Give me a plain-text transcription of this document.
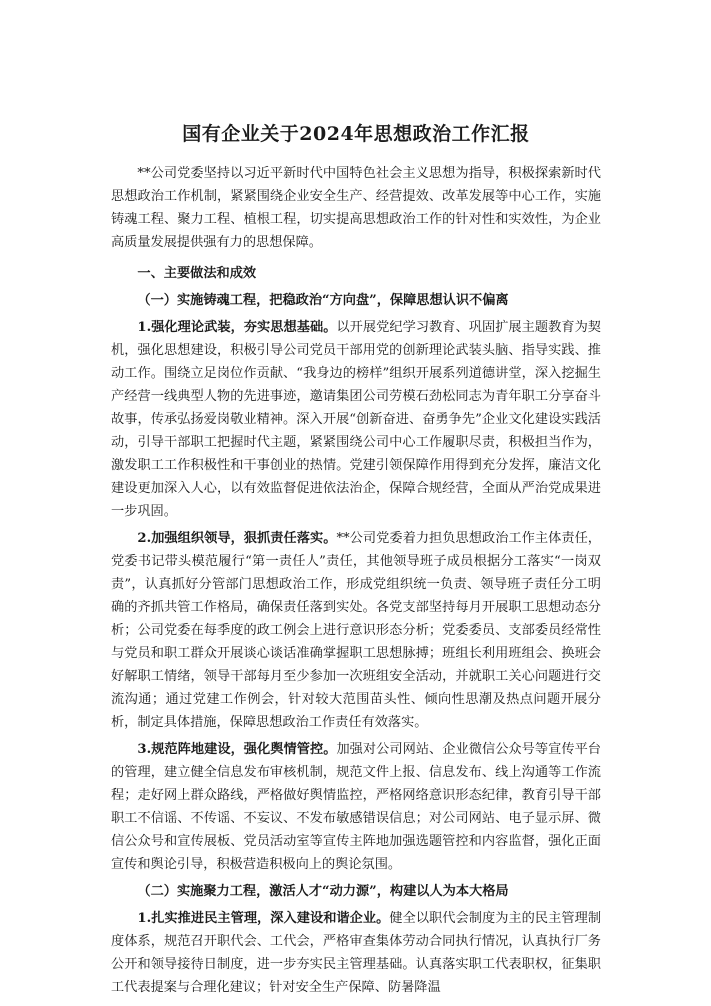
国有企业关于2024年思想政治工作汇报

**公司党委坚持以习近平新时代中国特色社会主义思想为指导，积极探索新时代思想政治工作机制，紧紧围绕企业安全生产、经营提效、改革发展等中心工作，实施铸魂工程、聚力工程、植根工程，切实提高思想政治工作的针对性和实效性，为企业高质量发展提供强有力的思想保障。

一、主要做法和成效

（一）实施铸魂工程，把稳政治“方向盘”，保障思想认识不偏离

1.强化理论武装，夯实思想基础。以开展党纪学习教育、巩固扩展主题教育为契机，强化思想建设，积极引导公司党员干部用党的创新理论武装头脑、指导实践、推动工作。围绕立足岗位作贡献、“我身边的榜样”组织开展系列道德讲堂，深入挖掘生产经营一线典型人物的先进事迹，邀请集团公司劳模石劲松同志为青年职工分享奋斗故事，传承弘扬爱岗敬业精神。深入开展“创新奋进、奋勇争先”企业文化建设实践活动，引导干部职工把握时代主题，紧紧围绕公司中心工作履职尽责，积极担当作为，激发职工工作积极性和干事创业的热情。党建引领保障作用得到充分发挥，廉洁文化建设更加深入人心，以有效监督促进依法治企，保障合规经营，全面从严治党成果进一步巩固。

2.加强组织领导，狠抓责任落实。**公司党委着力担负思想政治工作主体责任，党委书记带头模范履行“第一责任人”责任，其他领导班子成员根据分工落实“一岗双责”，认真抓好分管部门思想政治工作，形成党组织统一负责、领导班子责任分工明确的齐抓共管工作格局，确保责任落到实处。各党支部坚持每月开展职工思想动态分析；公司党委在每季度的政工例会上进行意识形态分析；党委委员、支部委员经常性与党员和职工群众开展谈心谈话准确掌握职工思想脉搏；班组长利用班组会、换班会好解职工情绪，领导干部每月至少参加一次班组安全活动，并就职工关心问题进行交流沟通；通过党建工作例会，针对较大范围苗头性、倾向性思潮及热点问题开展分析，制定具体措施，保障思想政治工作责任有效落实。

3.规范阵地建设，强化舆情管控。加强对公司网站、企业微信公众号等宣传平台的管理，建立健全信息发布审核机制，规范文件上报、信息发布、线上沟通等工作流程；走好网上群众路线，严格做好舆情监控，严格网络意识形态纪律，教育引导干部职工不信谣、不传谣、不妄议、不发布敏感错误信息；对公司网站、电子显示屏、微信公众号和宣传展板、党员活动室等宣传主阵地加强选题管控和内容监督，强化正面宣传和舆论引导，积极营造积极向上的舆论氛围。

（二）实施聚力工程，激活人才“动力源”，构建以人为本大格局

1.扎实推进民主管理，深入建设和谐企业。健全以职代会制度为主的民主管理制度体系，规范召开职代会、工代会，严格审查集体劳动合同执行情况，认真执行厂务公开和领导接待日制度，进一步夯实民主管理基础。认真落实职工代表职权，征集职工代表提案与合理化建议；针对安全生产保障、防暑降温
